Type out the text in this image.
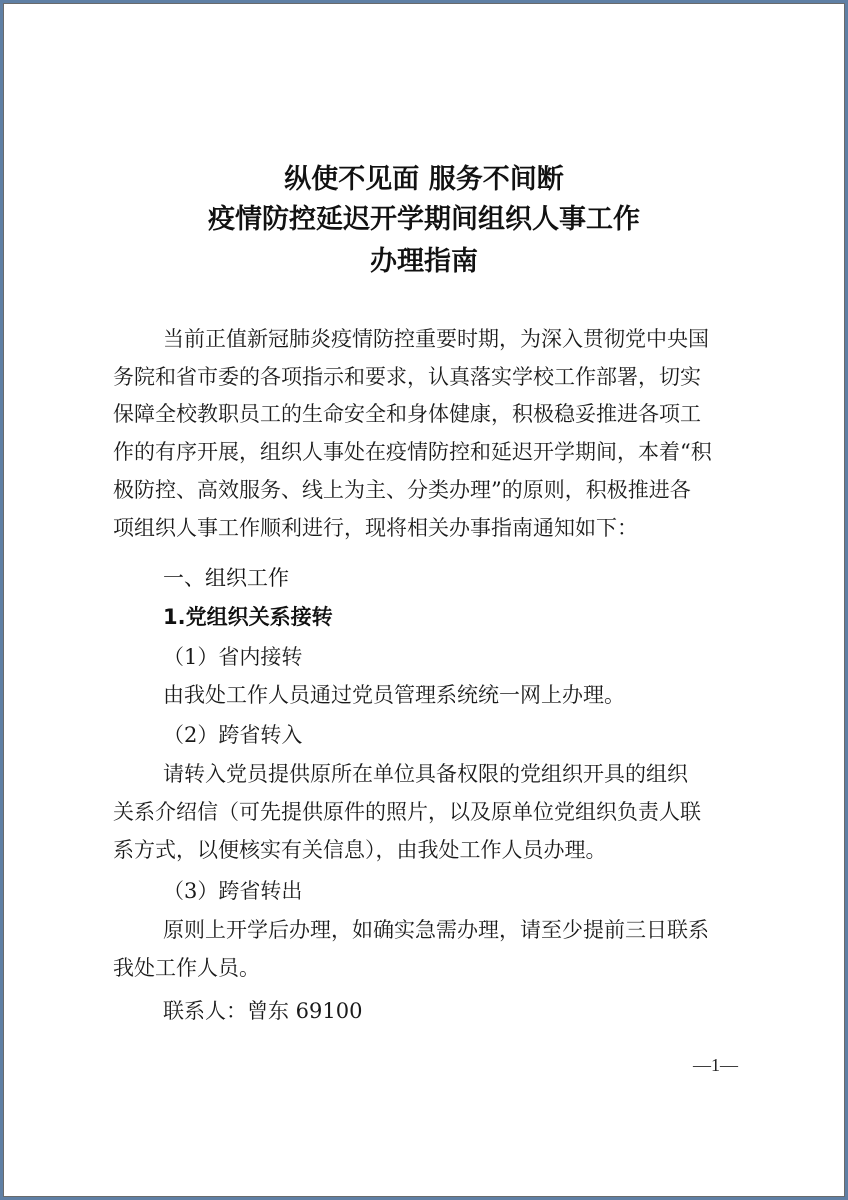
纵使不见面 服务不间断
疫情防控延迟开学期间组织人事工作
办理指南
当前正值新冠肺炎疫情防控重要时期，为深入贯彻党中央国
务院和省市委的各项指示和要求，认真落实学校工作部署，切实
保障全校教职员工的生命安全和身体健康，积极稳妥推进各项工
作的有序开展，组织人事处在疫情防控和延迟开学期间，本着“积
极防控、高效服务、线上为主、分类办理”的原则，积极推进各
项组织人事工作顺利进行，现将相关办事指南通知如下：
一、组织工作
1.党组织关系接转
（1）省内接转
由我处工作人员通过党员管理系统统一网上办理。
（2）跨省转入
请转入党员提供原所在单位具备权限的党组织开具的组织
关系介绍信（可先提供原件的照片，以及原单位党组织负责人联
系方式，以便核实有关信息），由我处工作人员办理。
（3）跨省转出
原则上开学后办理，如确实急需办理，请至少提前三日联系
我处工作人员。
联系人：曾东 69100
—1—
